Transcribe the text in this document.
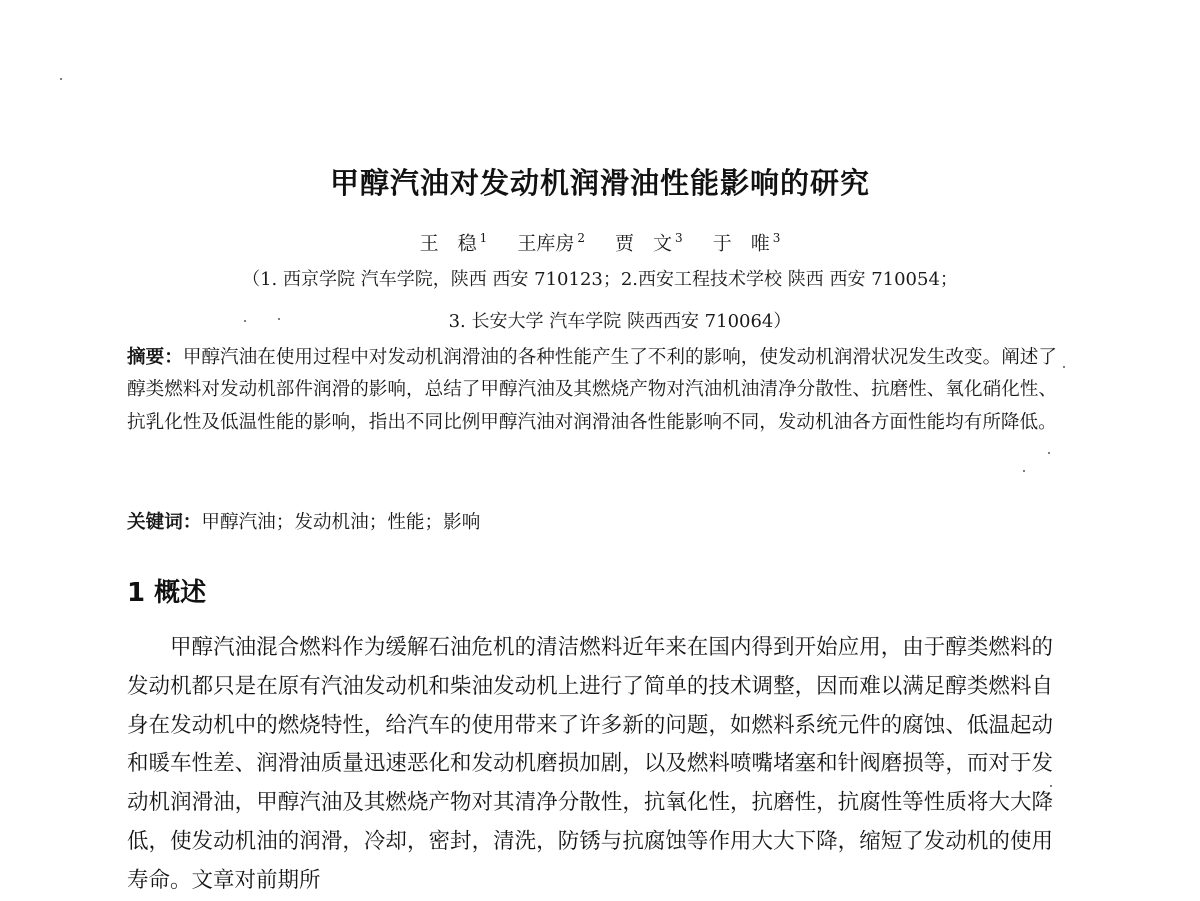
甲醇汽油对发动机润滑油性能影响的研究
王　稳 $^1$ 王库房 $^2$ 贾　文 $^3$ 于　唯 $^3$
（1. 西京学院 汽车学院，陕西 西安 710123；2.西安工程技术学校 陕西 西安 710054；
3. 长安大学 汽车学院 陕西西安 710064）
摘要：甲醇汽油在使用过程中对发动机润滑油的各种性能产生了不利的影响，使发动机润滑状况发生改变。阐述了醇类燃料对发动机部件润滑的影响，总结了甲醇汽油及其燃烧产物对汽油机油清净分散性、抗磨性、氧化硝化性、抗乳化性及低温性能的影响，指出不同比例甲醇汽油对润滑油各性能影响不同，发动机油各方面性能均有所降低。
关键词：甲醇汽油；发动机油；性能；影响
1 概述

甲醇汽油混合燃料作为缓解石油危机的清洁燃料近年来在国内得到开始应用，由于醇类燃料的发动机都只是在原有汽油发动机和柴油发动机上进行了简单的技术调整，因而难以满足醇类燃料自身在发动机中的燃烧特性，给汽车的使用带来了许多新的问题，如燃料系统元件的腐蚀、低温起动和暖车性差、润滑油质量迅速恶化和发动机磨损加剧，以及燃料喷嘴堵塞和针阀磨损等，而对于发动机润滑油，甲醇汽油及其燃烧产物对其清净分散性，抗氧化性，抗磨性，抗腐性等性质将大大降低，使发动机油的润滑，冷却，密封，清洗，防锈与抗腐蚀等作用大大下降，缩短了发动机的使用寿命。文章对前期所
